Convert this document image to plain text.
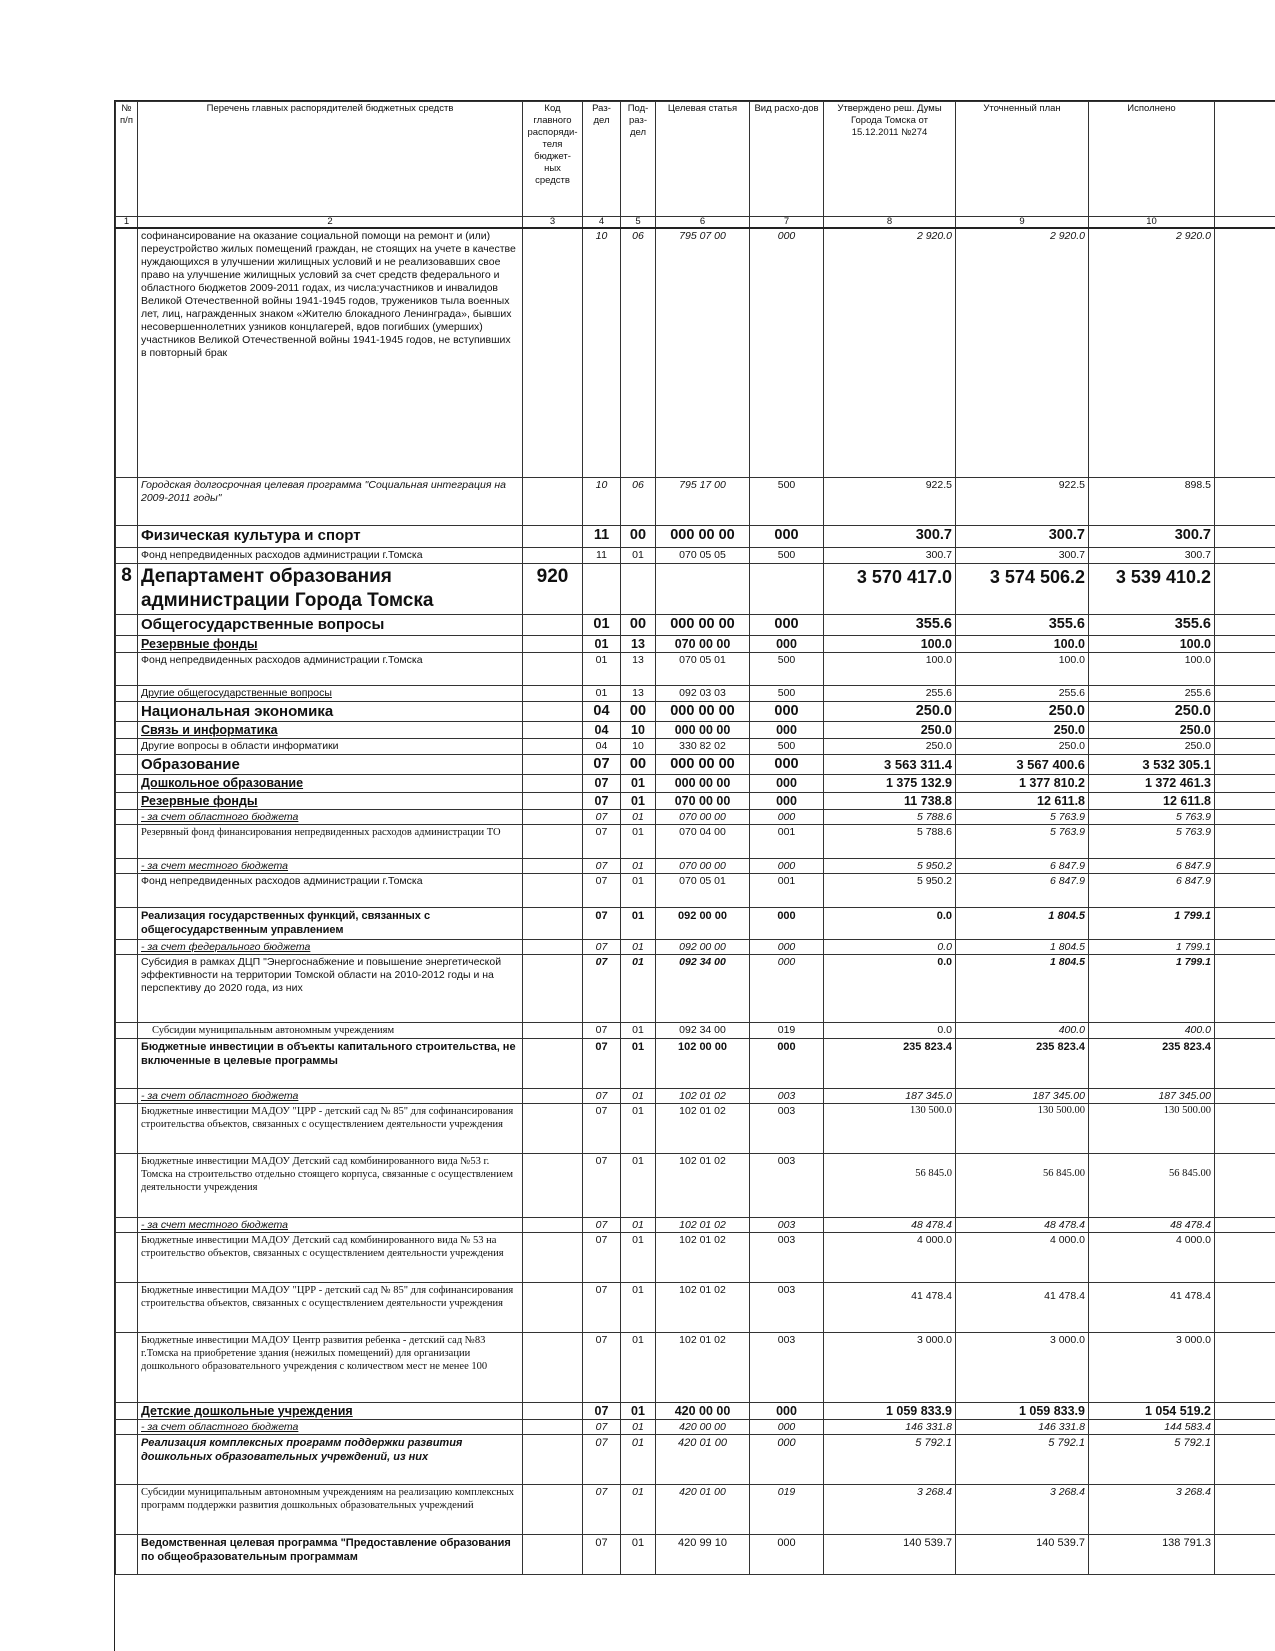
№ п/п	Перечень главных распорядителей бюджетных средств	Код главного распоряди-теля бюджет-ных средств	Раз-дел	Под-раз-дел	Целевая статья	Вид расхо-дов	Утверждено реш. Думы Города Томска от 15.12.2011 №274	Уточненный план	Исполнено	
1	2	3	4	5	6	7	8	9	10	
	софинансирование на оказание социальной помощи на ремонт и (или) переустройство жилых помещений граждан, не стоящих на учете в качестве нуждающихся в улучшении жилищных условий и не реализовавших свое право на улучшение жилищных условий за счет средств федерального и областного бюджетов 2009-2011 годах, из числа:участников и инвалидов Великой Отечественной войны 1941-1945 годов, тружеников тыла военных лет, лиц, награжденных знаком «Жителю блокадного Ленинграда», бывших несовершеннолетних узников концлагерей, вдов погибших (умерших) участников Великой Отечественной войны 1941-1945 годов, не вступивших в повторный брак		10	06	795 07 00	000	2 920.0	2 920.0	2 920.0	
	Городская долгосрочная целевая программа "Социальная интеграция на 2009-2011 годы"		10	06	795 17 00	500	922.5	922.5	898.5	
	Физическая культура и спорт		11	00	000 00 00	000	300.7	300.7	300.7	
	Фонд непредвиденных расходов администрации г.Томска		11	01	070 05 05	500	300.7	300.7	300.7	
8	Департамент образования администрации Города Томска	920					3 570 417.0	3 574 506.2	3 539 410.2	
	Общегосударственные вопросы		01	00	000 00 00	000	355.6	355.6	355.6	
	Резервные фонды		01	13	070 00 00	000	100.0	100.0	100.0	
	Фонд непредвиденных расходов администрации г.Томска		01	13	070 05 01	500	100.0	100.0	100.0	
	Другие общегосударственные вопросы		01	13	092 03 03	500	255.6	255.6	255.6	
	Национальная экономика		04	00	000 00 00	000	250.0	250.0	250.0	
	Связь и информатика		04	10	000 00 00	000	250.0	250.0	250.0	
	Другие вопросы в области информатики		04	10	330 82 02	500	250.0	250.0	250.0	
	Образование		07	00	000 00 00	000	3 563 311.4	3 567 400.6	3 532 305.1	
	Дошкольное образование		07	01	000 00 00	000	1 375 132.9	1 377 810.2	1 372 461.3	
	Резервные фонды		07	01	070 00 00	000	11 738.8	12 611.8	12 611.8	
	- за счет областного бюджета		07	01	070 00 00	000	5 788.6	5 763.9	5 763.9	
	Резервный фонд финансирования непредвиденных расходов администрации ТО		07	01	070 04 00	001	5 788.6	5 763.9	5 763.9	
	- за счет местного бюджета		07	01	070 00 00	000	5 950.2	6 847.9	6 847.9	
	Фонд непредвиденных расходов администрации г.Томска		07	01	070 05 01	001	5 950.2	6 847.9	6 847.9	
	Реализация государственных функций, связанных с общегосударственным управлением		07	01	092 00 00	000	0.0	1 804.5	1 799.1	
	- за счет федерального бюджета		07	01	092 00 00	000	0.0	1 804.5	1 799.1	
	Субсидия в рамках ДЦП "Энергоснабжение и повышение энергетической эффективности на территории Томской области на 2010-2012 годы и на перспективу до 2020 года, из них		07	01	092 34 00	000	0.0	1 804.5	1 799.1	
	Субсидии муниципальным автономным учреждениям		07	01	092 34 00	019	0.0	400.0	400.0	
	Бюджетные инвестиции в объекты капитального строительства, не включенные в целевые программы		07	01	102 00 00	000	235 823.4	235 823.4	235 823.4	
	- за счет областного бюджета		07	01	102 01 02	003	187 345.0	187 345.00	187 345.00	
	Бюджетные инвестиции МАДОУ "ЦРР - детский сад № 85" для софинансирования строительства объектов, связанных с осуществлением деятельности учреждения		07	01	102 01 02	003	130 500.0	130 500.00	130 500.00	
	Бюджетные инвестиции МАДОУ Детский сад комбинированного вида №53 г. Томска на строительство отдельно стоящего корпуса, связанные с осуществлением деятельности учреждения		07	01	102 01 02	003	56 845.0	56 845.00	56 845.00	
	- за счет местного бюджета		07	01	102 01 02	003	48 478.4	48 478.4	48 478.4	
	Бюджетные инвестиции МАДОУ Детский сад комбинированного вида № 53 на строительство объектов, связанных с осуществлением деятельности учреждения		07	01	102 01 02	003	4 000.0	4 000.0	4 000.0	
	Бюджетные инвестиции МАДОУ "ЦРР - детский сад № 85" для софинансирования строительства объектов, связанных с осуществлением деятельности учреждения		07	01	102 01 02	003	41 478.4	41 478.4	41 478.4	
	Бюджетные инвестиции МАДОУ Центр развития ребенка - детский сад №83 г.Томска на приобретение здания (нежилых помещений) для организации дошкольного образовательного учреждения с количеством мест не менее 100		07	01	102 01 02	003	3 000.0	3 000.0	3 000.0	
	Детские дошкольные учреждения		07	01	420 00 00	000	1 059 833.9	1 059 833.9	1 054 519.2	
	- за счет областного бюджета		07	01	420 00 00	000	146 331.8	146 331.8	144 583.4	
	Реализация комплексных программ поддержки развития дошкольных образовательных учреждений, из них		07	01	420 01 00	000	5 792.1	5 792.1	5 792.1	
	Субсидии муниципальным автономным учреждениям на реализацию комплексных программ поддержки развития дошкольных образовательных учреждений		07	01	420 01 00	019	3 268.4	3 268.4	3 268.4	
	Ведомственная целевая программа "Предоставление образования по общеобразовательным программам		07	01	420 99 10	000	140 539.7	140 539.7	138 791.3	
